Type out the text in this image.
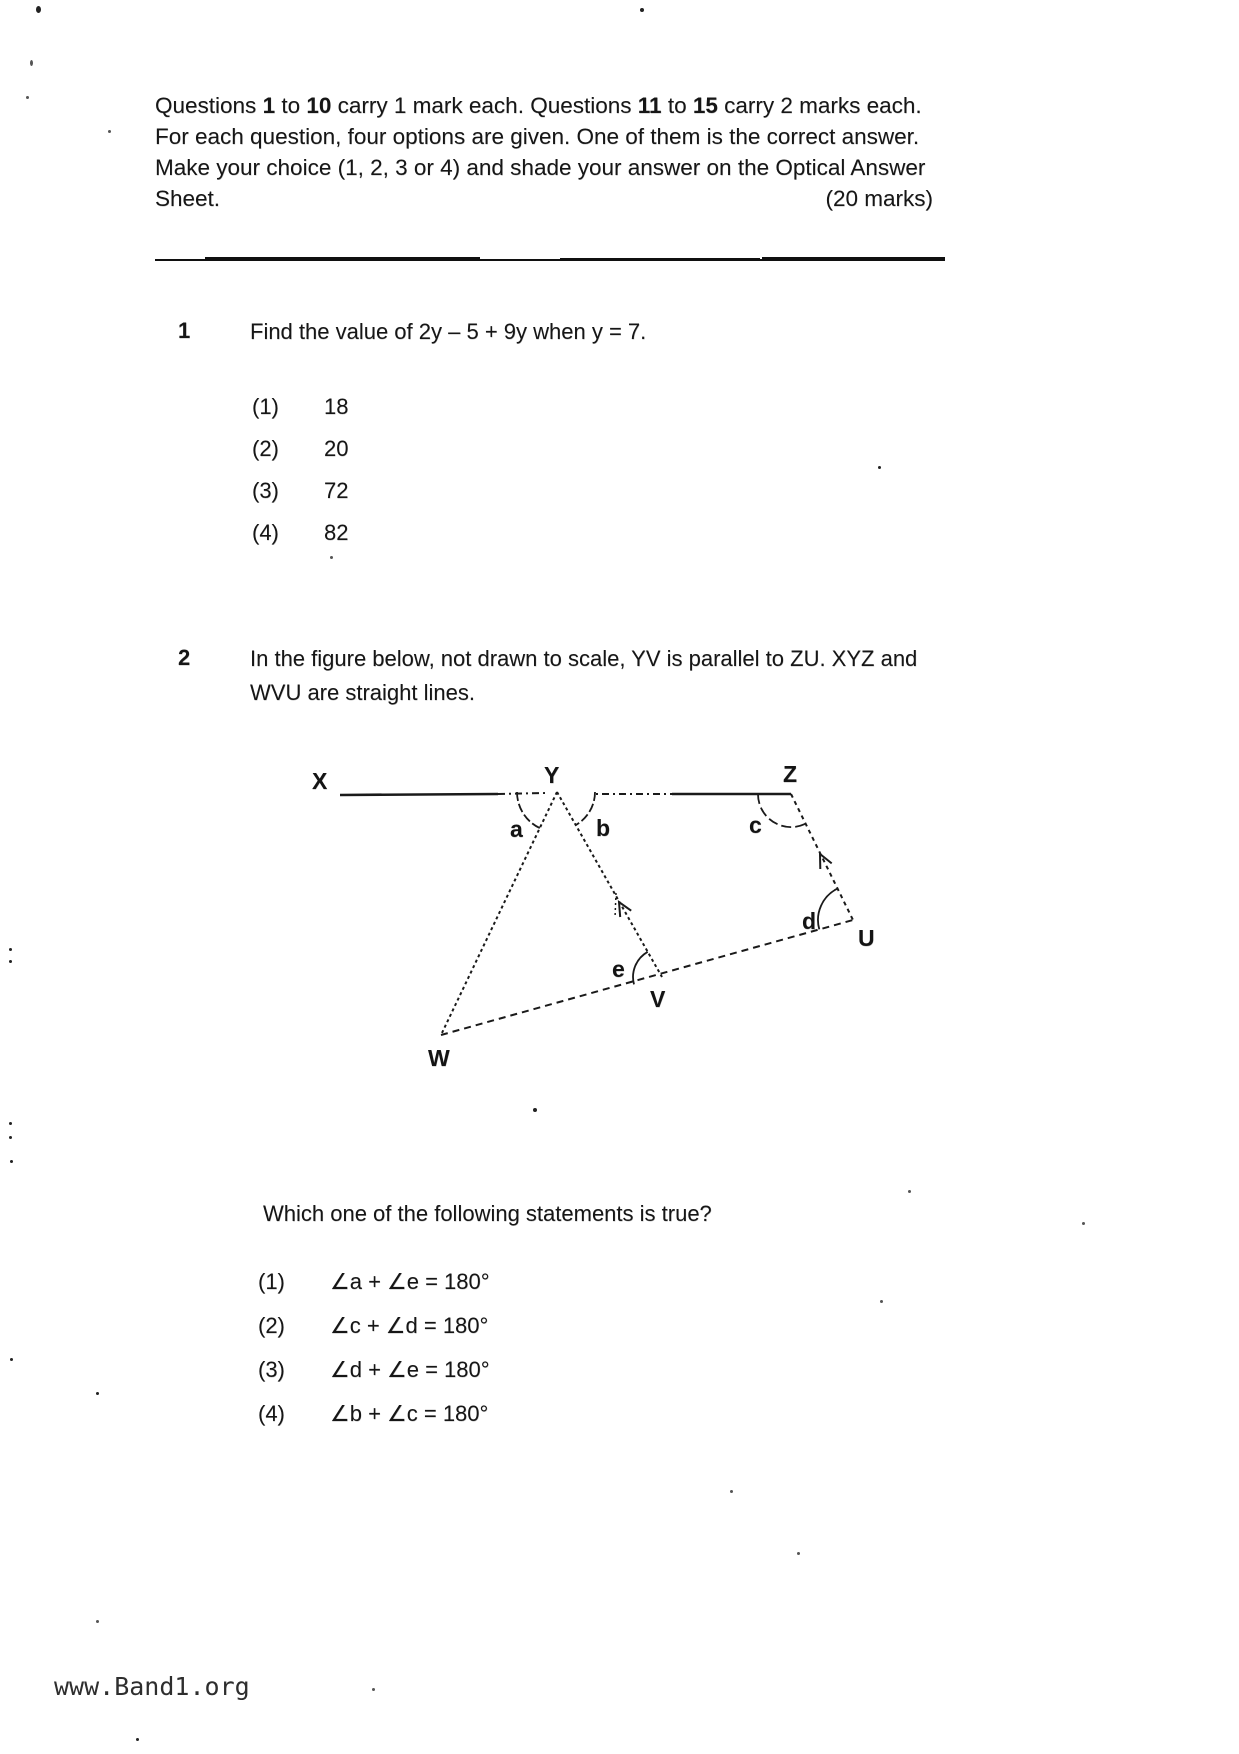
Questions 1 to 10 carry 1 mark each. Questions 11 to 15 carry 2 marks each.
For each question, four options are given. One of them is the correct answer.
Make your choice (1, 2, 3 or 4) and shade your answer on the Optical Answer
Sheet.	(20 marks)
1	Find the value of 2y – 5 + 9y when y = 7.
(1)	18
(2)	20
(3)	72
(4)	82
2	In the figure below, not drawn to scale, YV is parallel to ZU. XYZ and
WVU are straight lines.
X	Y	Z
U
V
W
a	b	c
d
e
Which one of the following statements is true?
(1)	∠a + ∠e = 180°
(2)	∠c + ∠d = 180°
(3)	∠d + ∠e = 180°
(4)	∠b + ∠c = 180°
www.Band1.org
